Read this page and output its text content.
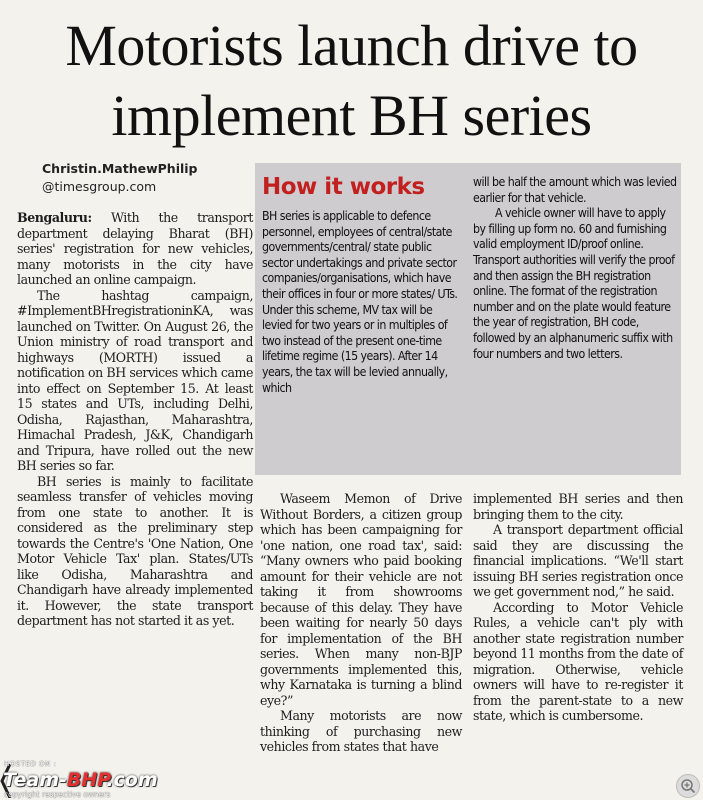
Motorists launch drive to
implement BH series
Christin.MathewPhilip
@timesgroup.com

Bengaluru: With the transport department delaying Bharat (BH) series' registration for new vehicles, many motorists in the city have launched an online campaign.

The hashtag campaign, #ImplementBHregistrationinKA, was launched on Twitter. On August 26, the Union ministry of road transport and highways (MORTH) issued a notification on BH services which came into effect on September 15. At least 15 states and UTs, including Delhi, Odisha, Rajasthan, Maharashtra, Himachal Pradesh, J&K, Chandigarh and Tripura, have rolled out the new BH series so far.

BH series is mainly to facilitate seamless transfer of vehicles moving from one state to another. It is considered as the preliminary step towards the Centre's 'One Nation, One Motor Vehicle Tax' plan. States/UTs like Odisha, Maharashtra and Chandigarh have already implemented it. However, the state transport department has not started it as yet.

How it works

BH series is applicable to defence personnel, employees of central/state governments/central/ state public sector undertakings and private sector companies/organisations, which have their offices in four or more states/ UTs. Under this scheme, MV tax will be levied for two years or in multiples of two instead of the present one-time lifetime regime (15 years). After 14 years, the tax will be levied annually, which

will be half the amount which was levied earlier for that vehicle.

A vehicle owner will have to apply by filling up form no. 60 and furnishing valid employment ID/proof online. Transport authorities will verify the proof and then assign the BH registration online. The format of the registration number and on the plate would feature the year of registration, BH code, followed by an alphanumeric suffix with four numbers and two letters.

Waseem Memon of Drive Without Borders, a citizen group which has been campaigning for 'one nation, one road tax', said: “Many owners who paid booking amount for their vehicle are not taking it from showrooms because of this delay. They have been waiting for nearly 50 days for implementation of the BH series. When many non-BJP governments implemented this, why Karnataka is turning a blind eye?”

Many motorists are now thinking of purchasing new vehicles from states that have

implemented BH series and then bringing them to the city.

A transport department official said they are discussing the financial implications. “We'll start issuing BH series registration once we get government nod,” he said.

According to Motor Vehicle Rules, a vehicle can't ply with another state registration number beyond 11 months from the date of migration. Otherwise, vehicle owners will have to re-register it from the parent-state to a new state, which is cumbersome.

HOSTED ON :
Team-BHP.com
copyright respective owners
